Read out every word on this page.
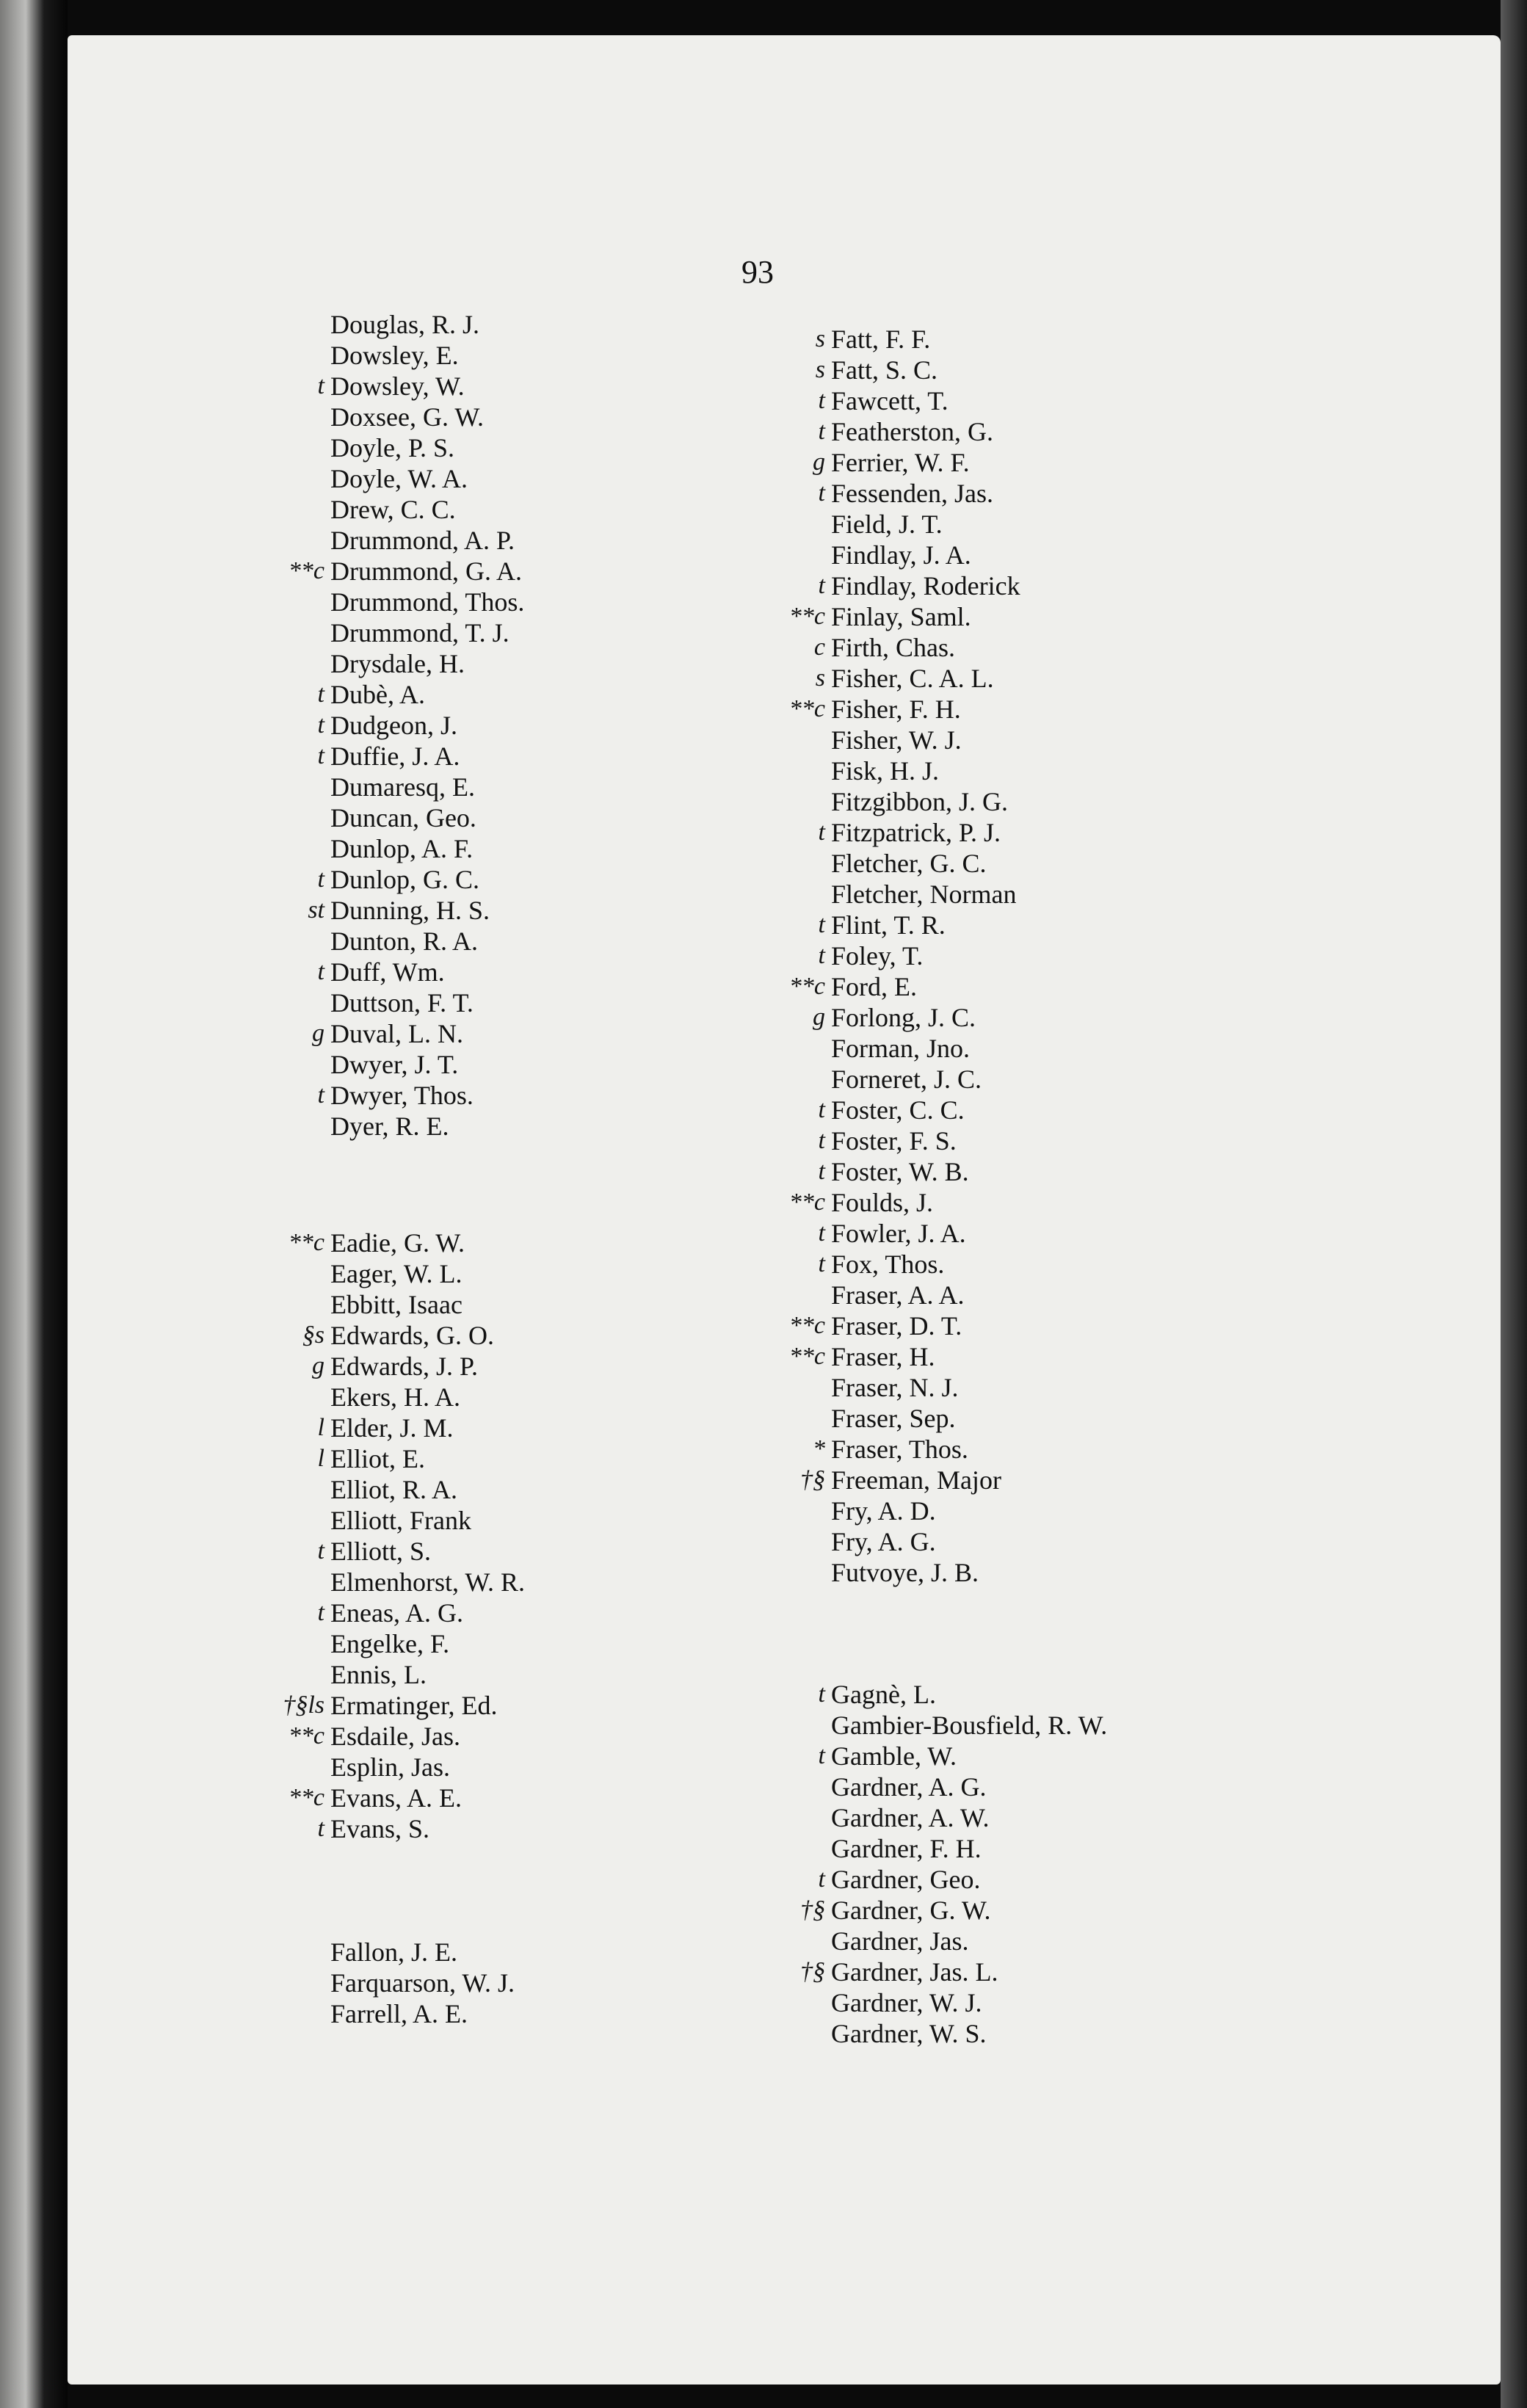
93
Douglas, R. J.
Dowsley, E.
t Dowsley, W.
Doxsee, G. W.
Doyle, P. S.
Doyle, W. A.
Drew, C. C.
Drummond, A. P.
**c Drummond, G. A.
Drummond, Thos.
Drummond, T. J.
Drysdale, H.
t Dubè, A.
t Dudgeon, J.
t Duffie, J. A.
Dumaresq, E.
Duncan, Geo.
Dunlop, A. F.
t Dunlop, G. C.
st Dunning, H. S.
Dunton, R. A.
t Duff, Wm.
Duttson, F. T.
g Duval, L. N.
Dwyer, J. T.
t Dwyer, Thos.
Dyer, R. E.
**c Eadie, G. W.
Eager, W. L.
Ebbitt, Isaac
§s Edwards, G. O.
g Edwards, J. P.
Ekers, H. A.
l Elder, J. M.
l Elliot, E.
Elliot, R. A.
Elliott, Frank
t Elliott, S.
Elmenhorst, W. R.
t Eneas, A. G.
Engelke, F.
Ennis, L.
†§ls Ermatinger, Ed.
**c Esdaile, Jas.
Esplin, Jas.
**c Evans, A. E.
t Evans, S.
Fallon, J. E.
Farquarson, W. J.
Farrell, A. E.
s Fatt, F. F.
s Fatt, S. C.
t Fawcett, T.
t Featherston, G.
g Ferrier, W. F.
t Fessenden, Jas.
Field, J. T.
Findlay, J. A.
t Findlay, Roderick
**c Finlay, Saml.
c Firth, Chas.
s Fisher, C. A. L.
**c Fisher, F. H.
Fisher, W. J.
Fisk, H. J.
Fitzgibbon, J. G.
t Fitzpatrick, P. J.
Fletcher, G. C.
Fletcher, Norman
t Flint, T. R.
t Foley, T.
**c Ford, E.
g Forlong, J. C.
Forman, Jno.
Forneret, J. C.
t Foster, C. C.
t Foster, F. S.
t Foster, W. B.
**c Foulds, J.
t Fowler, J. A.
t Fox, Thos.
Fraser, A. A.
**c Fraser, D. T.
**c Fraser, H.
Fraser, N. J.
Fraser, Sep.
* Fraser, Thos.
†§ Freeman, Major
Fry, A. D.
Fry, A. G.
Futvoye, J. B.
t Gagnè, L.
Gambier-Bousfield, R. W.
t Gamble, W.
Gardner, A. G.
Gardner, A. W.
Gardner, F. H.
t Gardner, Geo.
†§ Gardner, G. W.
Gardner, Jas.
†§ Gardner, Jas. L.
Gardner, W. J.
Gardner, W. S.
